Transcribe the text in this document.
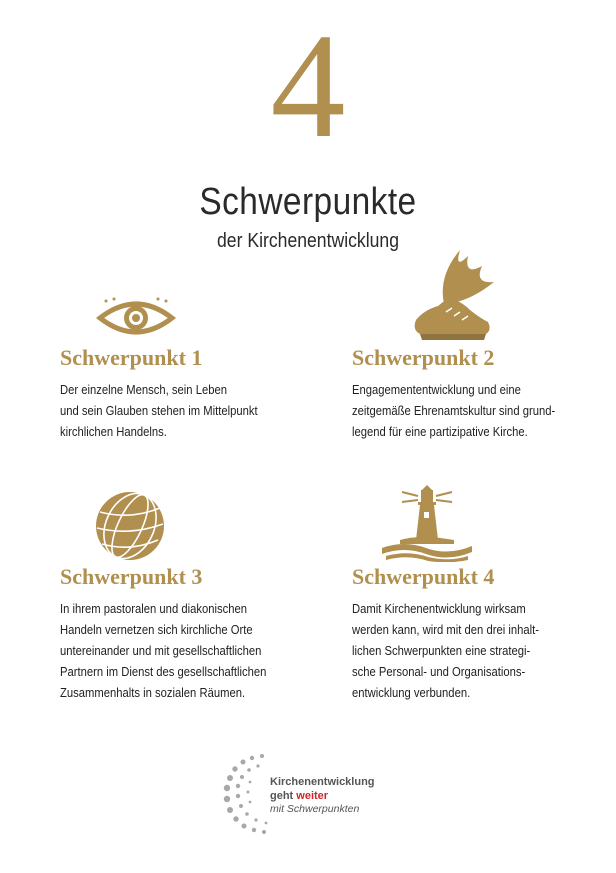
4
Schwerpunkte
der Kirchenentwicklung
Schwerpunkt 1
Der einzelne Mensch, sein Leben
und sein Glauben stehen im Mittelpunkt
kirchlichen Handelns.
Schwerpunkt 2
Engagemententwicklung und eine
zeitgemäße Ehrenamtskultur sind grund-
legend für eine partizipative Kirche.
Schwerpunkt 3
In ihrem pastoralen und diakonischen
Handeln vernetzen sich kirchliche Orte
untereinander und mit gesellschaftlichen
Partnern im Dienst des gesellschaftlichen
Zusammenhalts in sozialen Räumen.
Schwerpunkt 4
Damit Kirchenentwicklung wirksam
werden kann, wird mit den drei inhalt-
lichen Schwerpunkten eine strategi-
sche Personal- und Organisations-
entwicklung verbunden.
Kirchenentwicklung
geht weiter
mit Schwerpunkten
